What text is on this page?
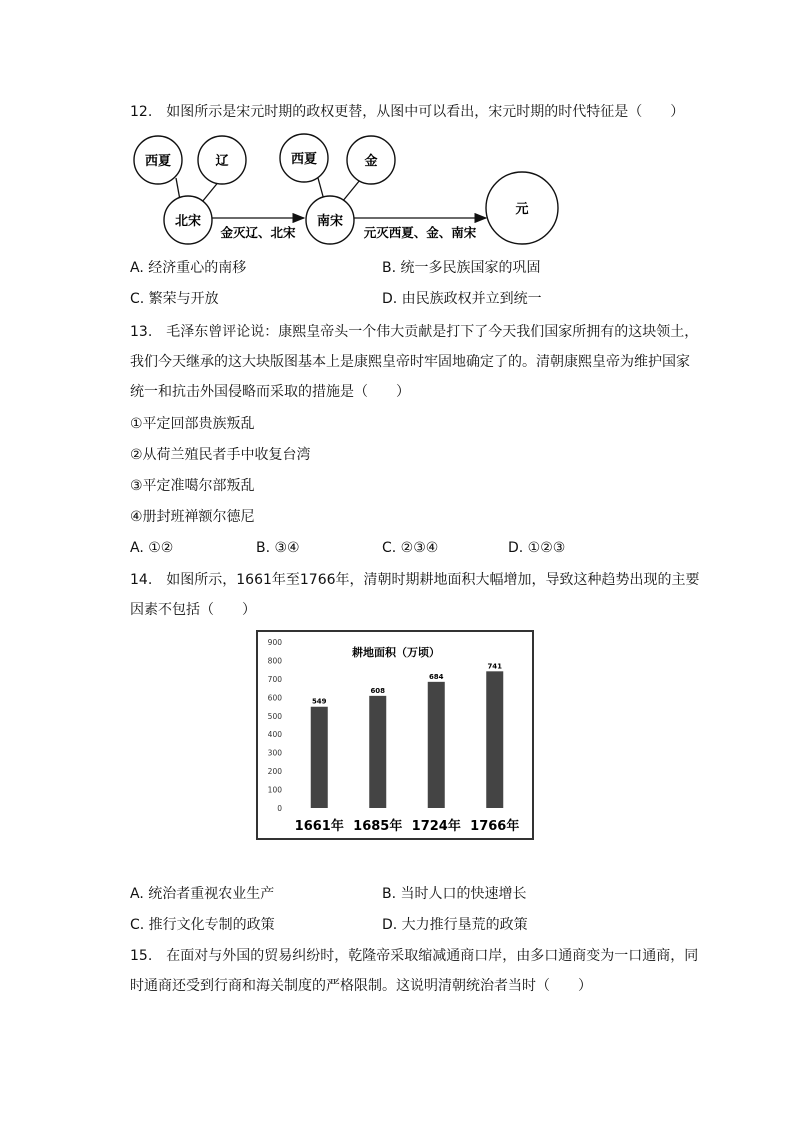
12.　如图所示是宋元时期的政权更替，从图中可以看出，宋元时期的时代特征是（　　）
西夏	辽
北宋
西夏	金
南宋
元
金灭辽、北宋	元灭西夏、金、南宋
A. 经济重心的南移	B. 统一多民族国家的巩固
C. 繁荣与开放	D. 由民族政权并立到统一
13.　毛泽东曾评论说：康熙皇帝头一个伟大贡献是打下了今天我们国家所拥有的这块领土，
我们今天继承的这大块版图基本上是康熙皇帝时牢固地确定了的。清朝康熙皇帝为维护国家
统一和抗击外国侵略而采取的措施是（　　）
①平定回部贵族叛乱
②从荷兰殖民者手中收复台湾
③平定准噶尔部叛乱
④册封班禅额尔德尼
A. ①②	B. ③④	C. ②③④	D. ①②③
14.　如图所示，1661年至1766年，清朝时期耕地面积大幅增加，导致这种趋势出现的主要
因素不包括（　　）
耕地面积（万顷）
0
100
200
300
400
500
600
700
800
900
549
1661年
608
1685年
684
1724年
741
1766年
A. 统治者重视农业生产	B. 当时人口的快速增长
C. 推行文化专制的政策	D. 大力推行垦荒的政策
15.　在面对与外国的贸易纠纷时，乾隆帝采取缩减通商口岸，由多口通商变为一口通商，同
时通商还受到行商和海关制度的严格限制。这说明清朝统治者当时（　　）
